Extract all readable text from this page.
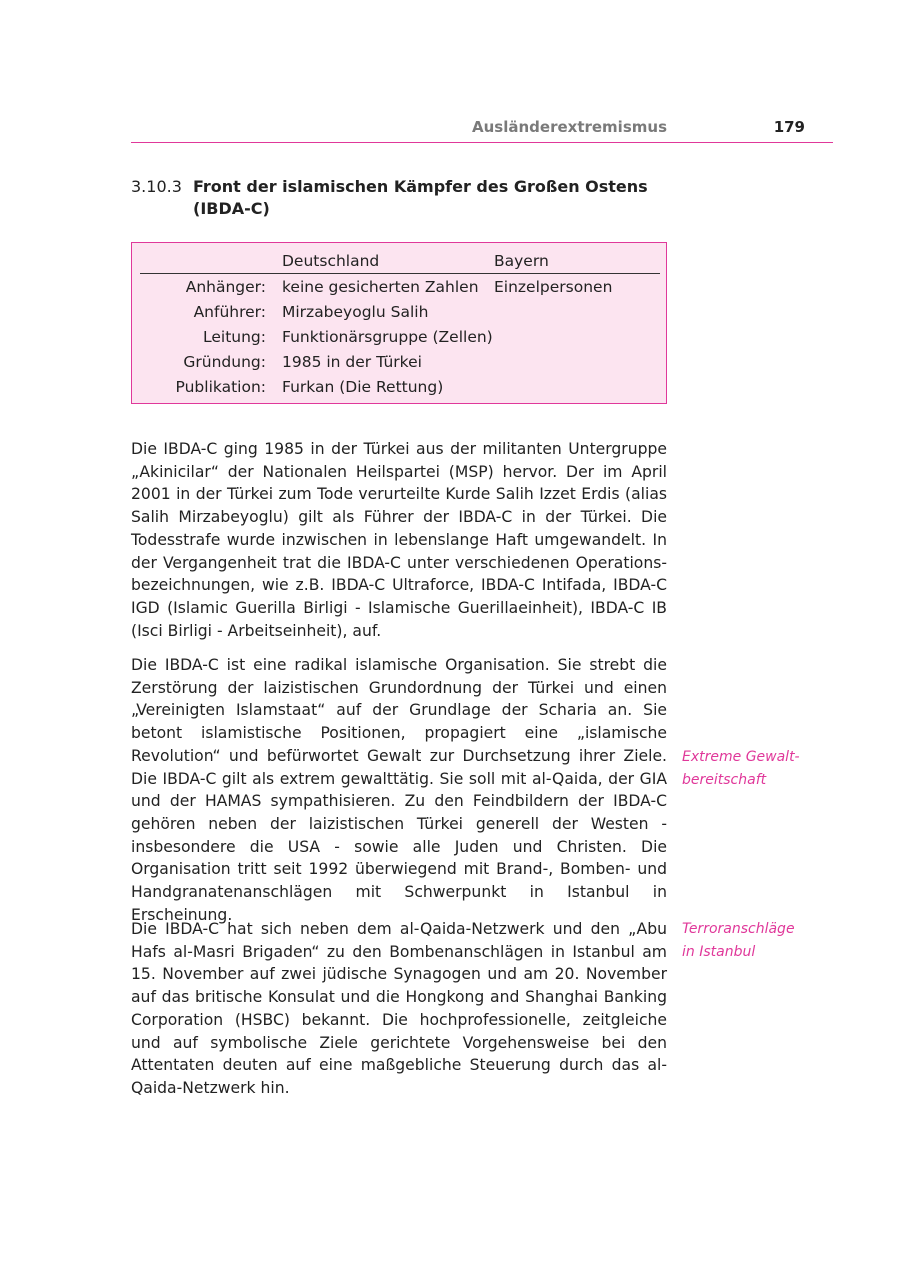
Ausländerextremismus	179
3.10.3 Front der islamischen Kämpfer des Großen Ostens
(IBDA-C)
	Deutschland	Bayern
Anhänger:	keine gesicherten Zahlen	Einzelpersonen
Anführer:	Mirzabeyoglu Salih	
Leitung:	Funktionärsgruppe (Zellen)	
Gründung:	1985 in der Türkei	
Publikation:	Furkan (Die Rettung)	

Die IBDA-C ging 1985 in der Türkei aus der militanten Untergruppe „Akinicilar“ der Nationalen Heilspartei (MSP) hervor. Der im April 2001 in der Türkei zum Tode verurteilte Kurde Salih Izzet Erdis (alias Salih Mirzabeyoglu) gilt als Führer der IBDA-C in der Türkei. Die Todesstrafe wurde inzwischen in lebenslange Haft umgewandelt. In der Vergangenheit trat die IBDA-C unter verschiedenen Operationsbezeichnungen, wie z.B. IBDA-C Ultraforce, IBDA-C Intifada, IBDA-C IGD (Islamic Guerilla Birligi - Islamische Guerillaeinheit), IBDA-C IB (Isci Birligi - Arbeitseinheit), auf.

Die IBDA-C ist eine radikal islamische Organisation. Sie strebt die Zerstörung der laizistischen Grundordnung der Türkei und einen „Vereinigten Islamstaat“ auf der Grundlage der Scharia an. Sie betont islamistische Positionen, propagiert eine „islamische Revolution“ und befürwortet Gewalt zur Durchsetzung ihrer Ziele. Die IBDA-C gilt als extrem gewalttätig. Sie soll mit al-Qaida, der GIA und der HAMAS sympathisieren. Zu den Feindbildern der IBDA-C gehören neben der laizistischen Türkei generell der Westen - insbesondere die USA - sowie alle Juden und Christen. Die Organisation tritt seit 1992 überwiegend mit Brand-, Bomben- und Handgranatenanschlägen mit Schwerpunkt in Istanbul in Erscheinung.

Die IBDA-C hat sich neben dem al-Qaida-Netzwerk und den „Abu Hafs al-Masri Brigaden“ zu den Bombenanschlägen in Istanbul am 15. November auf zwei jüdische Synagogen und am 20. November auf das britische Konsulat und die Hongkong and Shanghai Banking Corporation (HSBC) bekannt. Die hochprofessionelle, zeitgleiche und auf symbolische Ziele gerichtete Vorgehensweise bei den Attentaten deuten auf eine maßgebliche Steuerung durch das al-Qaida-Netzwerk hin.

Extreme Gewalt-
bereitschaft
Terroranschläge
in Istanbul
